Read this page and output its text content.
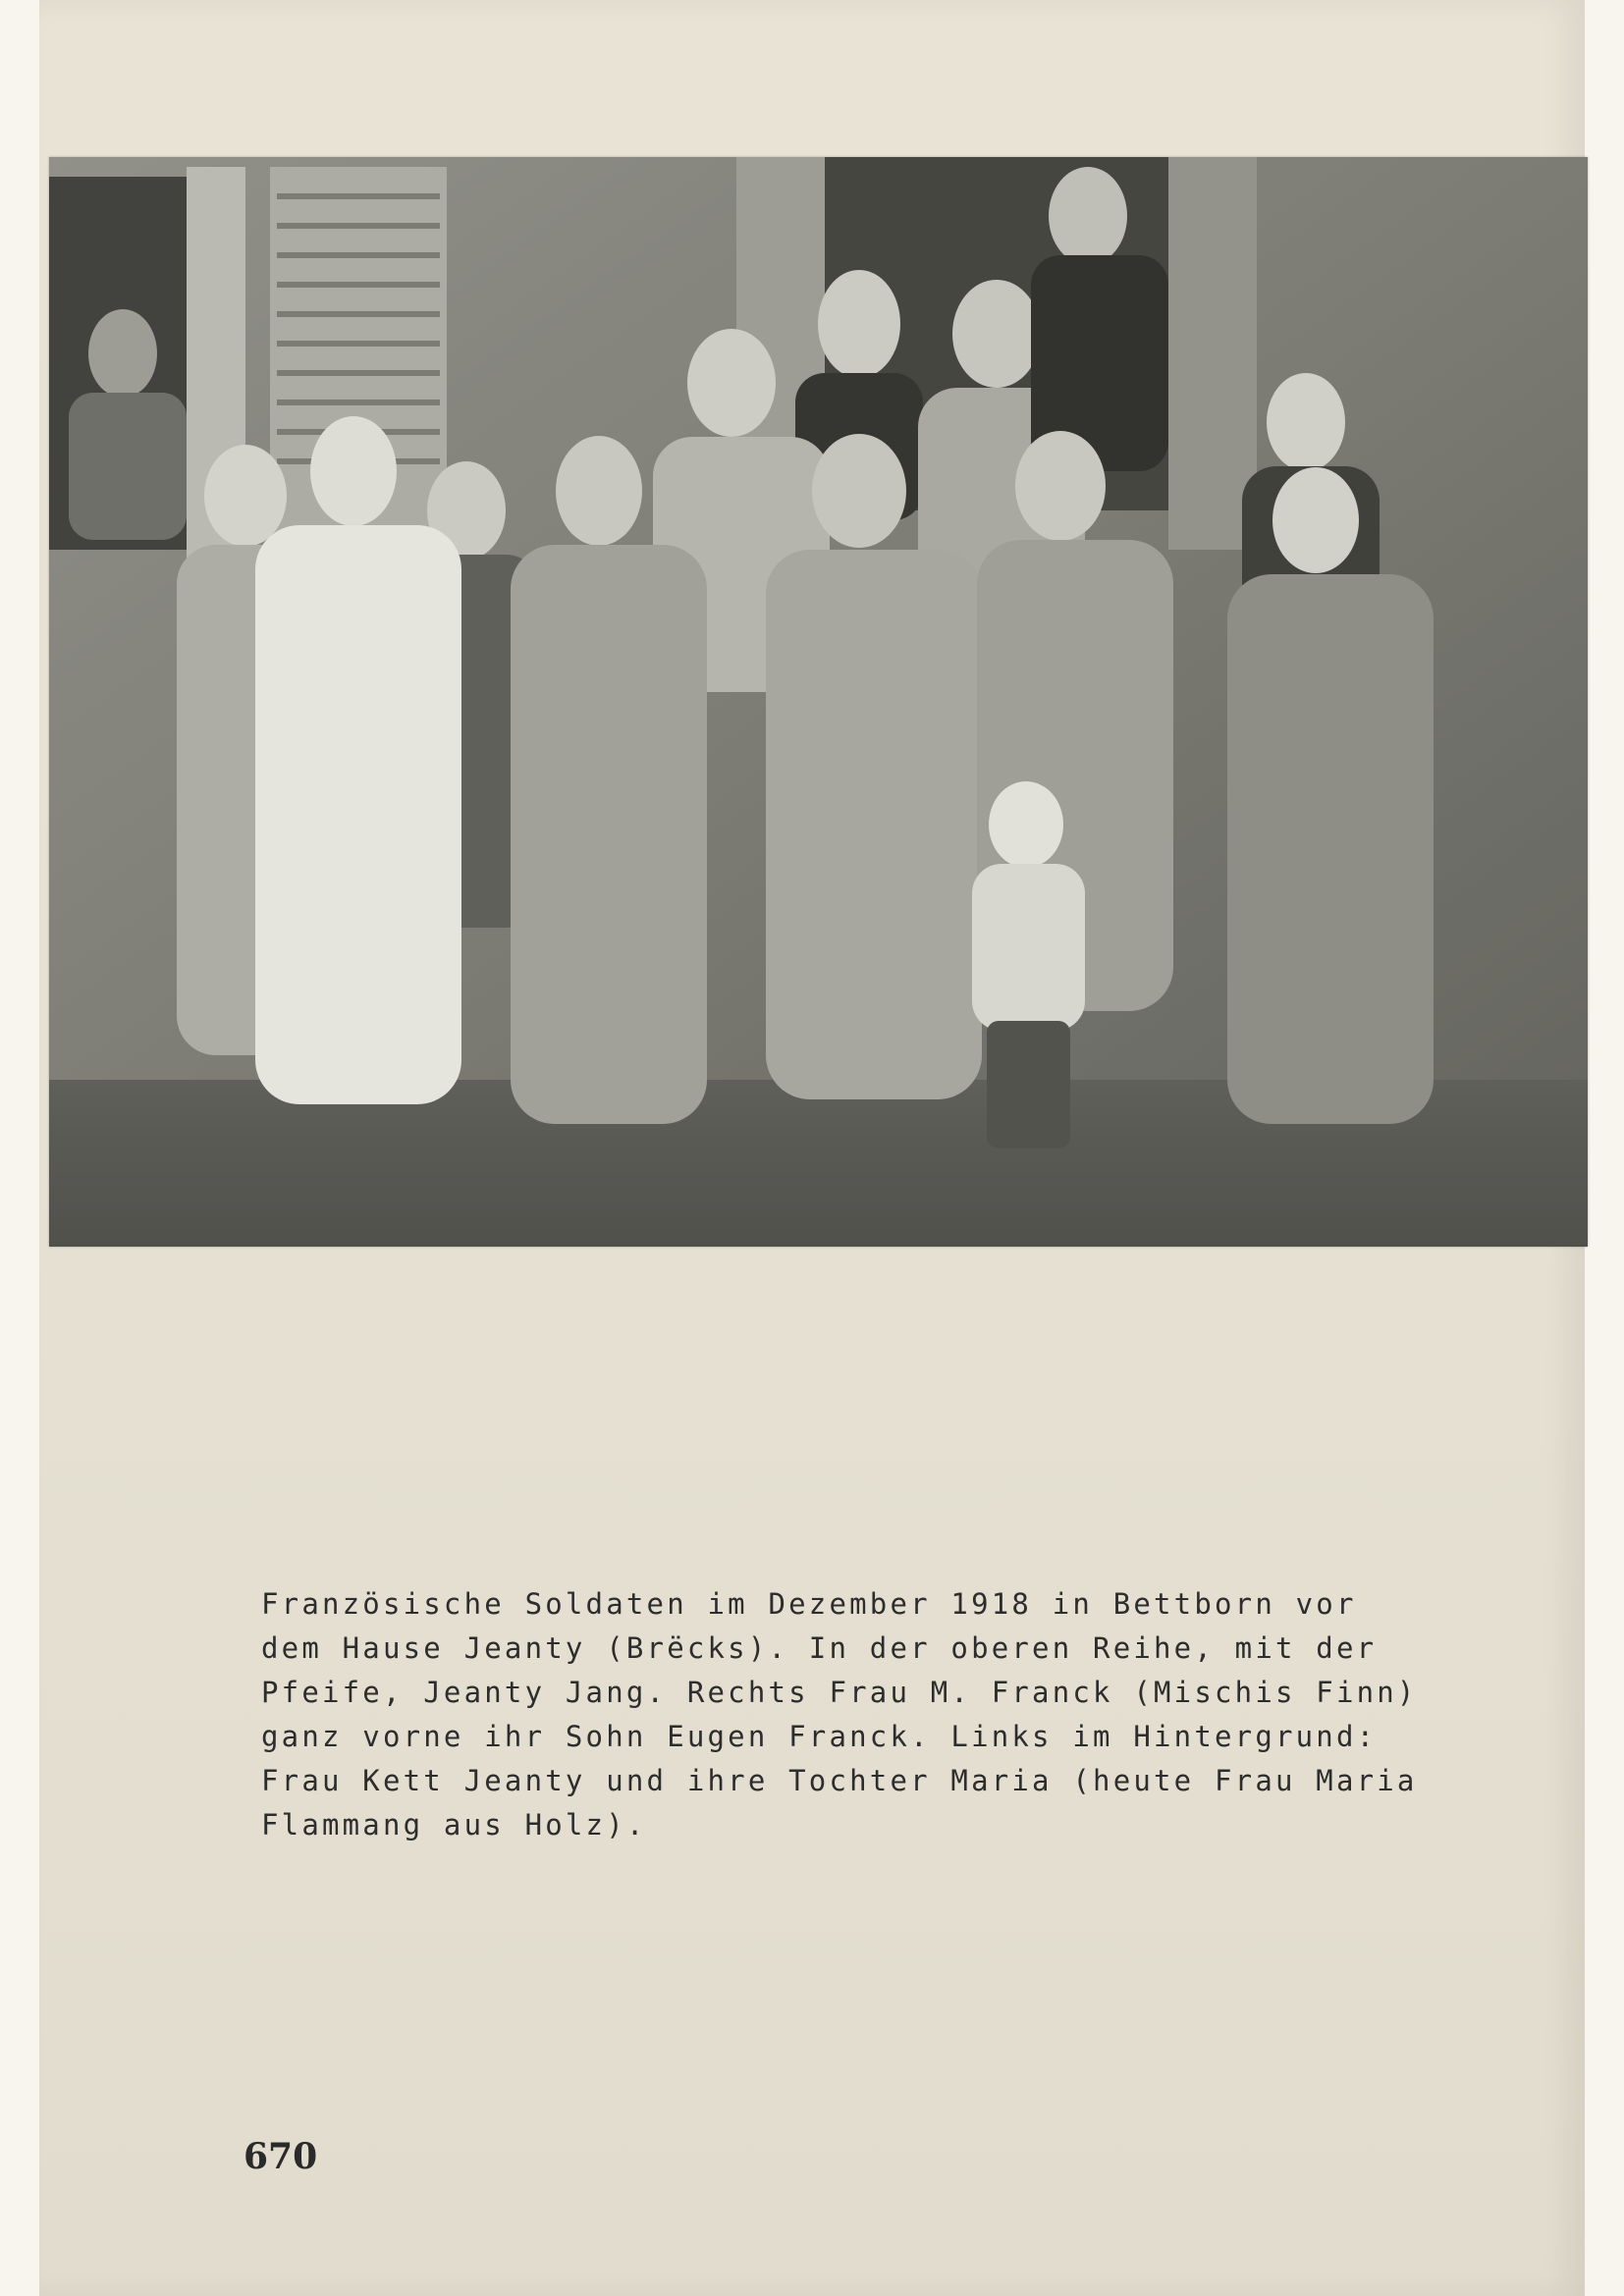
Französische Soldaten im Dezember 1918 in Bettborn vor
dem Hause Jeanty (Brëcks). In der oberen Reihe, mit der
Pfeife, Jeanty Jang. Rechts Frau M. Franck (Mischis Finn)
ganz vorne ihr Sohn Eugen Franck. Links im Hintergrund:
Frau Kett Jeanty und ihre Tochter Maria (heute Frau Maria
Flammang aus Holz).
670
